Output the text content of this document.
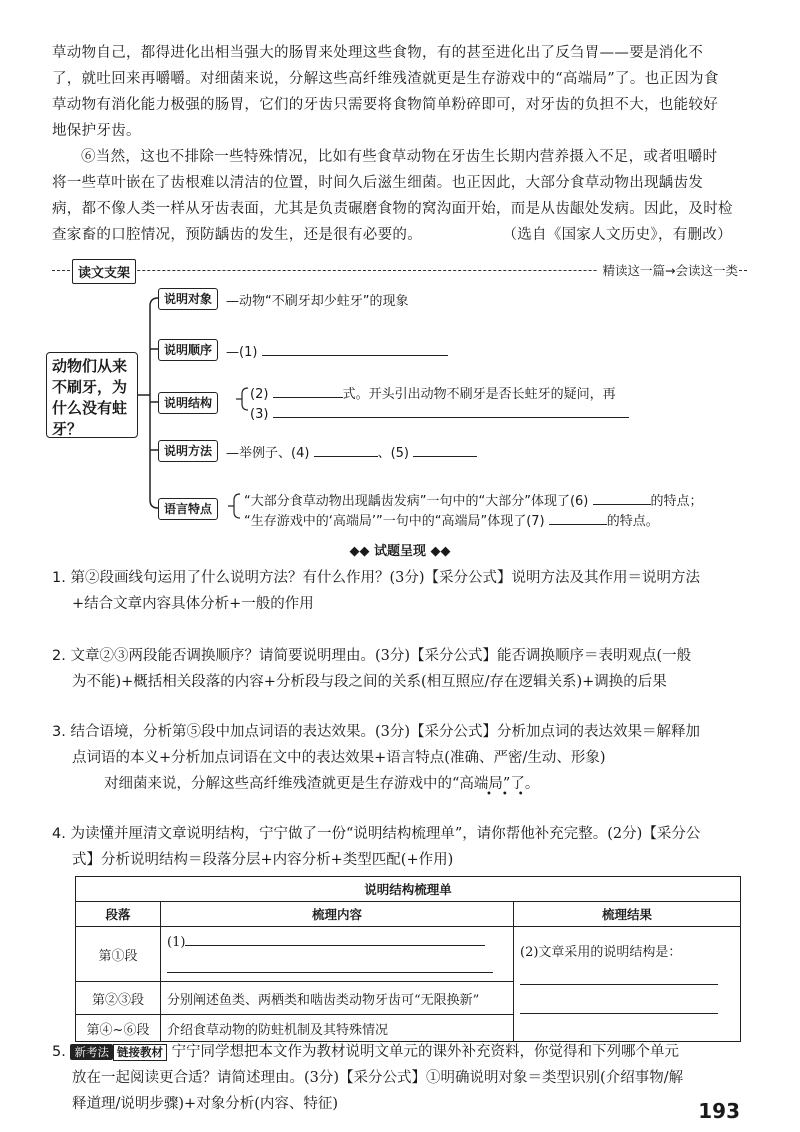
草动物自己，都得进化出相当强大的肠胃来处理这些食物，有的甚至进化出了反刍胃——要是消化不
了，就吐回来再嚼嚼。对细菌来说，分解这些高纤维残渣就更是生存游戏中的“高端局”了。也正因为食
草动物有消化能力极强的肠胃，它们的牙齿只需要将食物简单粉碎即可，对牙齿的负担不大，也能较好
地保护牙齿。
⑥当然，这也不排除一些特殊情况，比如有些食草动物在牙齿生长期内营养摄入不足，或者咀嚼时
将一些草叶嵌在了齿根难以清洁的位置，时间久后滋生细菌。也正因此，大部分食草动物出现龋齿发
病，都不像人类一样从牙齿表面，尤其是负责碾磨食物的窝沟面开始，而是从齿龈处发病。因此，及时检
查家畜的口腔情况，预防龋齿的发生，还是很有必要的。	（选自《国家人文历史》，有删改）
读文支架	精读这一篇→会读这一类
动物们从来不刷牙，为什么没有蛀牙？
说明对象	—动物“不刷牙却少蛀牙”的现象
说明顺序	—(1)
说明结构
(2)	式。开头引出动物不刷牙是否长蛀牙的疑问，再
(3)
说明方法	—举例子、(4)	、(5)
语言特点	“大部分食草动物出现龋齿发病”一句中的“大部分”体现了(6)	的特点；
“生存游戏中的‘高端局’”一句中的“高端局”体现了(7)	的特点。
◆◆ 试题呈现 ◆◆
1. 第②段画线句运用了什么说明方法？有什么作用？(3分)【采分公式】说明方法及其作用＝说明方法
+结合文章内容具体分析+一般的作用
2. 文章②③两段能否调换顺序？请简要说明理由。(3分)【采分公式】能否调换顺序＝表明观点(一般
为不能)+概括相关段落的内容+分析段与段之间的关系(相互照应/存在逻辑关系)+调换的后果
3. 结合语境，分析第⑤段中加点词语的表达效果。(3分)【采分公式】分析加点词的表达效果＝解释加
点词语的本义+分析加点词语在文中的表达效果+语言特点(准确、严密/生动、形象)
对细菌来说，分解这些高纤维残渣就更是生存游戏中的“高端局”了。
•••
4. 为读懂并厘清文章说明结构，宁宁做了一份“说明结构梳理单”，请你帮他补充完整。(2分)【采分公
式】分析说明结构＝段落分层+内容分析+类型匹配(+作用)
说明结构梳理单		
段落	梳理内容	梳理结果
第①段	(1)	(2)文章采用的说明结构是：

第②③段	分别阐述鱼类、两栖类和啮齿类动物牙齿可“无限换新”	
第④~⑥段	介绍食草动物的防蛀机制及其特殊情况	
5. 新考法 链接教材 宁宁同学想把本文作为教材说明文单元的课外补充资料，你觉得和下列哪个单元
放在一起阅读更合适？请简述理由。(3分)【采分公式】①明确说明对象＝类型识别(介绍事物/解
释道理/说明步骤)+对象分析(内容、特征)	193
